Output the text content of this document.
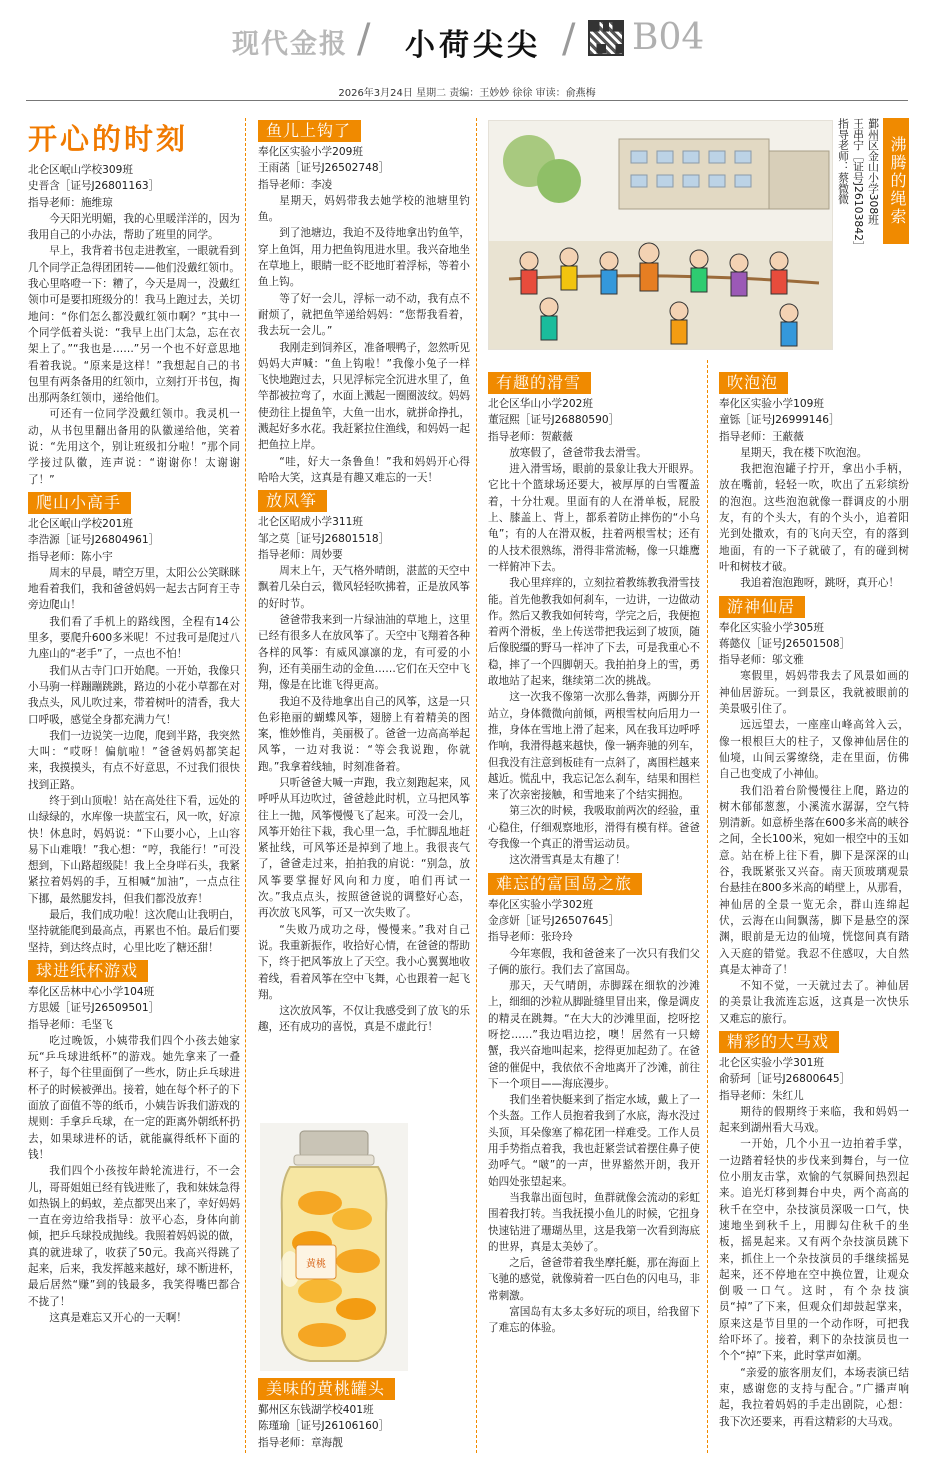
现代金报 / 小荷尖尖 / B04
2026年3月24日 星期二 责编：王妙妙 徐徐 审读：俞燕梅
开心的时刻
北仑区岷山学校309班
史晋含［证号J26801163］
指导老师：施维琼

今天阳光明媚，我的心里暖洋洋的，因为我用自己的小办法，帮助了班里的同学。

早上，我背着书包走进教室，一眼就看到几个同学正急得团团转——他们没戴红领巾。我心里咯噔一下：糟了，今天是周一，没戴红领巾可是要扣班级分的！我马上跑过去，关切地问：“你们怎么都没戴红领巾啊？”其中一个同学低着头说：“我早上出门太急，忘在衣架上了。”“我也是……”另一个也不好意思地看着我说。“原来是这样！”我想起自己的书包里有两条备用的红领巾，立刻打开书包，掏出那两条红领巾，递给他们。

可还有一位同学没戴红领巾。我灵机一动，从书包里翻出备用的队徽递给他，笑着说：“先用这个，别让班级扣分啦！”那个同学接过队徽，连声说：“谢谢你！太谢谢了！”

爬山小高手
北仑区岷山学校201班
李浩源［证号J26804961］
指导老师：陈小宇

周末的早晨，晴空万里，太阳公公笑眯眯地看着我们，我和爸爸妈妈一起去古阿育王寺旁边爬山！

我们看了手机上的路线图，全程有14公里多，要爬升600多米呢！不过我可是爬过八九座山的“老手”了，一点也不怕！

我们从古寺门口开始爬。一开始，我像只小马驹一样蹦蹦跳跳，路边的小花小草都在对我点头，风儿吹过来，带着树叶的清香，我大口呼吸，感觉全身都充满力气！

我们一边说笑一边爬，爬到半路，我突然大叫：“哎呀！偏航啦！”爸爸妈妈都笑起来，我摸摸头，有点不好意思，不过我们很快找到正路。

终于到山顶啦！站在高处往下看，远处的山绿绿的，水库像一块蓝宝石，风一吹，好凉快！休息时，妈妈说：“下山要小心，上山容易下山难哦！”我心想：“哼，我能行！”可没想到，下山路超级陡！我上全身咩石头，我紧紧拉着妈妈的手，互相喊“加油”，一点点往下挪，最然腿发抖，但我们都没放弃！

最后，我们成功啦！这次爬山让我明白，坚持就能爬到最高点，再累也不怕。最后们要坚持，到达终点时，心里比吃了糖还甜！

球进纸杯游戏
奉化区岳林中心小学104班
方思媛［证号J26509501］
指导老师：毛坚飞

吃过晚饭，小姨带我们四个小孩去她家玩“乒乓球进纸杯”的游戏。她先拿来了一叠杯子，每个往里面倒了一些水，防止乒乓球进杯子的时候被弹出。接着，她在每个杯子的下面放了面值不等的纸币，小姨告诉我们游戏的规则：手拿乒乓球，在一定的距离外朝纸杯扔去，如果球进杯的话，就能赢得纸杯下面的钱！

我们四个小孩按年龄轮流进行，不一会儿，哥哥姐姐已经有钱进账了，我和妹妹急得如热锅上的蚂蚁，差点都哭出来了，幸好妈妈一直在旁边给我指导：放平心态，身体向前倾，把乒乓球投成抛线。我照着妈妈说的做，真的就进球了，收获了50元。我高兴得跳了起来，后来，我发挥越来越好，球不断进杯，最后居然“赚”到的钱最多，我笑得嘴巴都合不拢了！

这真是难忘又开心的一天啊！

鱼儿上钩了
奉化区实验小学209班
王雨菡［证号J26502748］
指导老师：李凌

星期天，妈妈带我去她学校的池塘里钓鱼。

到了池塘边，我迫不及待地拿出钓鱼竿，穿上鱼饵，用力把鱼钩甩进水里。我兴奋地坐在草地上，眼睛一眨不眨地盯着浮标，等着小鱼上钩。

等了好一会儿，浮标一动不动，我有点不耐烦了，就把鱼竿递给妈妈：“您帮我看着，我去玩一会儿。”

我刚走到饲养区，准备喂鸭子，忽然听见妈妈大声喊：“鱼上钩啦！”我像小兔子一样飞快地跑过去，只见浮标完全沉进水里了，鱼竿都被拉弯了，水面上溅起一圈圈波纹。妈妈使劲往上提鱼竿，大鱼一出水，就拼命挣扎，溅起好多水花。我赶紧拉住渔线，和妈妈一起把鱼拉上岸。

“哇，好大一条鲁鱼！”我和妈妈开心得哈哈大笑，这真是有趣又难忘的一天！

放风筝
北仑区昭成小学311班
邹之莫［证号J26801518］
指导老师：周妙要

周末上午，天气格外晴朗，湛蓝的天空中飘着几朵白云，微风轻轻吹拂着，正是放风筝的好时节。

爸爸带我来到一片绿油油的草地上，这里已经有很多人在放风筝了。天空中飞翔着各种各样的风筝：有威风凛凛的龙，有可爱的小狗，还有美丽生动的金鱼……它们在天空中飞翔，像是在比谁飞得更高。

我迫不及待地拿出自己的风筝，这是一只色彩艳丽的蝴蝶风筝，翅膀上有着精美的图案，惟妙惟肖，美丽极了。爸爸一边高高举起风筝，一边对我说：“等会我说跑，你就跑。”我拿着线轴，时刻准备着。

只听爸爸大喊一声跑，我立刻跑起来，风呼呼从耳边吹过，爸爸趁此时机，立马把风筝往上一抛，风筝慢慢飞了起来。可没一会儿，风筝开始往下栽，我心里一急，手忙脚乱地赶紧扯线，可风筝还是掉到了地上。我很丧气了，爸爸走过来，拍拍我的肩说：“别急，放风筝要掌握好风向和力度，咱们再试一次。”我点点头，按照爸爸说的调整好心态，再次放飞风筝，可又一次失败了。

“失败乃成功之母，慢慢来。”我对自己说。我重新振作，收拾好心情，在爸爸的帮助下，终于把风筝放上了天空。我小心翼翼地收着线，看着风筝在空中飞舞，心也跟着一起飞翔。

这次放风筝，不仅让我感受到了放飞的乐趣，还有成功的喜悦，真是不虚此行！

黄桃
美味的黄桃罐头
鄞州区东钱湖学校401班
陈瑾瑜［证号J26106160］
指导老师：章海靓
沸腾的绳索
鄞州区金山小学308班
王串宁［证号J26103842］
指导老师：蔡微微
有趣的滑雪
北仑区华山小学202班
董冠熙［证号J26880590］
指导老师：贺蔽薇

放寒假了，爸爸带我去滑雪。

进入滑雪场，眼前的景象让我大开眼界。它比十个篮球场还要大，被厚厚的白雪覆盖着，十分壮观。里面有的人在滑单板，屁股上、膝盖上、背上，都系着防止摔伤的“小乌龟”；有的人在滑双板，拄着两根雪杖；还有的人技术很熟练，滑得非常流畅，像一只雄鹰一样俯冲下去。

我心里痒痒的，立刻拉着教练教我滑雪技能。首先他教我如何刹车，一边讲，一边做动作。然后又教我如何转弯，学完之后，我便抱着两个滑板，坐上传送带把我运到了坡顶，随后像脱缰的野马一样冲了下去，可是我重心不稳，摔了一个四脚朝天。我拍拍身上的雪，勇敢地站了起来，继续第二次的挑战。

这一次我不像第一次那么鲁莽，两脚分开站立，身体微微向前倾，两根雪杖向后用力一推，身体在雪地上滑了起来，风在我耳边呼呼作响，我滑得越来越快，像一辆奔驰的列车，但我没有注意到板硅有一点斜了，离围栏越来越近。慌乱中，我忘记怎么刹车，结果和围栏来了次亲密接触，和雪地来了个结实拥抱。

第三次的时候，我吸取前两次的经验，重心稳住，仔细观察地形，滑得有模有样。爸爸夸我像一个真正的滑雪运动员。

这次滑雪真是太有趣了！

难忘的富国岛之旅
奉化区实验小学302班
金彦妍［证号J26507645］
指导老师：张玲玲

今年寒假，我和爸爸来了一次只有我们父子俩的旅行。我们去了富国岛。

那天，天气晴朗，赤脚踩在细软的沙滩上，细细的沙粒从脚趾缝里冒出来，像是调皮的精灵在跳舞。“在大大的沙滩里面，挖呀挖呀挖……”我边唱边挖，噢！居然有一只螃蟹，我兴奋地叫起来，挖得更加起劲了。在爸爸的催促中，我依依不舍地离开了沙滩，前往下一个项目——海底漫步。

我们坐着快艇来到了指定水域，戴上了一个头盔。工作人员抱着我到了水底，海水没过头顶，耳朵像塞了棉花团一样难受。工作人员用手势指点着我，我也赶紧尝试着摆住鼻子使劲呼气。“啵”的一声，世界豁然开朗，我开始四处张望起来。

当我靠出面包时，鱼群就像会流动的彩虹围着我打转。当我抚摸小鱼儿的时候，它扭身快速钻进了珊瑚丛里，这是我第一次看到海底的世界，真是太美妙了。

之后，爸爸带着我坐摩托艇，那在海面上飞驰的感觉，就像骑着一匹白色的闪电马，非常刺激。

富国岛有太多太多好玩的项目，给我留下了难忘的体验。

吹泡泡
奉化区实验小学109班
童铄［证号J26999146］
指导老师：王蔽薇

星期天，我在楼下吹泡泡。

我把泡泡罐子拧开，拿出小手柄，放在嘴前，轻轻一吹，吹出了五彩缤纷的泡泡。这些泡泡就像一群调皮的小朋友，有的个头大，有的个头小，追着阳光到处撒欢，有的飞向天空，有的落到地面，有的一下子就破了，有的碰到树叶和树枝才破。

我追着泡泡跑呀，跳呀，真开心！

游神仙居
奉化区实验小学305班
蒋懿仪［证号J26501508］
指导老师：邬文雅

寒假里，妈妈带我去了风景如画的神仙居游玩。一到景区，我就被眼前的美景吸引住了。

远远望去，一座座山峰高耸入云，像一根根巨大的柱子，又像神仙居住的仙境，山间云雾缭绕，走在里面，仿佛自己也变成了小神仙。

我们沿着台阶慢慢往上爬，路边的树木郁郁葱葱，小溪流水潺潺，空气特别清新。如意桥坐落在600多米高的峡谷之间，全长100米，宛如一根空中的玉如意。站在桥上往下看，脚下是深深的山谷，我既紧张又兴奋。南天顶玻璃观景台悬挂在800多米高的峭壁上，从那看，神仙居的全景一览无余，群山连绵起伏，云海在山间飘荡，脚下是悬空的深渊，眼前是无边的仙境，恍惚间真有踏入天庭的错觉。我忍不住感叹，大自然真是太神奇了！

不知不觉，一天就过去了。神仙居的美景让我流连忘返，这真是一次快乐又难忘的旅行。

精彩的大马戏
北仑区实验小学301班
俞骄珂［证号J26800645］
指导老师：朱红儿

期待的假期终于来临，我和妈妈一起来到湖州看大马戏。

一开始，几个小丑一边拍着手掌，一边踏着轻快的步伐来到舞台，与一位位小朋友击掌，欢愉的气氛瞬间热烈起来。追光灯移到舞台中央，两个高高的秋千在空中，杂技演员深吸一口气，快速地坐到秋千上，用脚勾住秋千的坐板，摇晃起来。又有两个杂技演员跳下来，抓住上一个杂技演员的手继续摇晃起来，还不停地在空中换位置，让观众倒吸一口气。这时，有个杂技演员“掉”了下来，但观众们却鼓起掌来，原来这是节目里的一个动作呀，可把我给吓坏了。接着，剩下的杂技演员也一个个“掉”下来，此时掌声如潮。

“亲爱的旅客朋友们，本场表演已结束，感谢您的支持与配合。”广播声响起，我拉着妈妈的手走出剧院，心想：我下次还要来，再看这精彩的大马戏。
